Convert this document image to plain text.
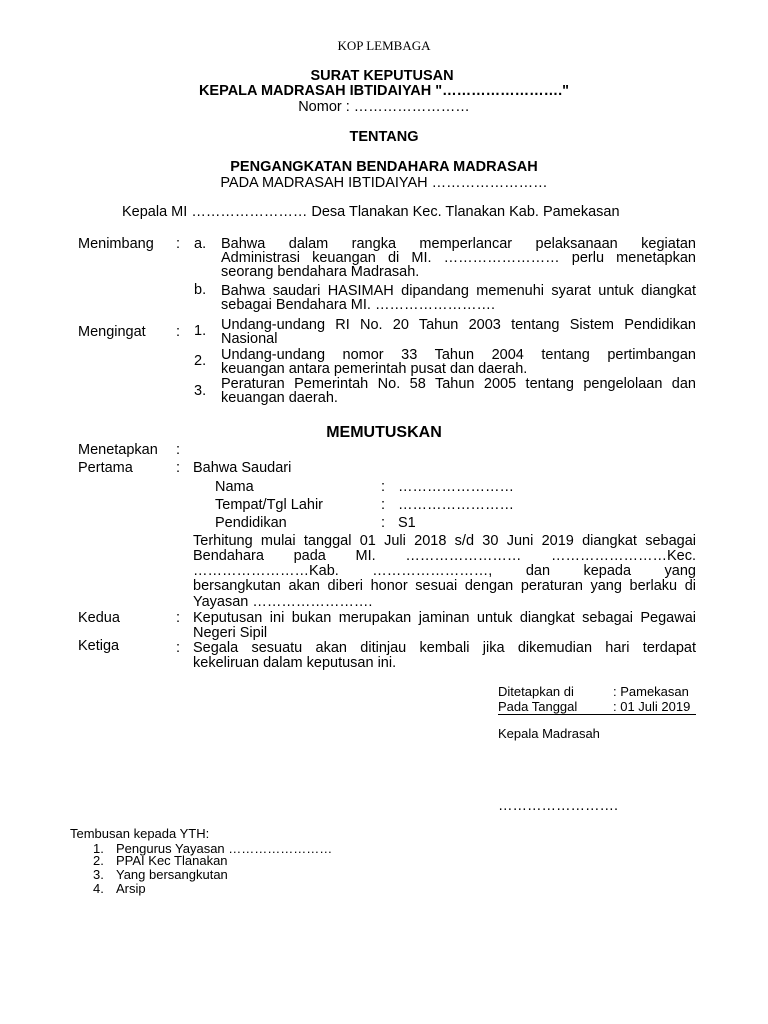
KOP LEMBAGA
SURAT KEPUTUSAN
KEPALA MADRASAH IBTIDAIYAH "……………………."
Nomor : ……………………
TENTANG
PENGANGKATAN BENDAHARA MADRASAH
PADA MADRASAH IBTIDAIYAH ……………………
Kepala MI …………………… Desa Tlanakan Kec. Tlanakan Kab. Pamekasan
Menimbang : a. Bahwa dalam rangka memperlancar pelaksanaan kegiatan
Administrasi keuangan di MI. …………………… perlu menetapkan
seorang bendahara Madrasah.
b. Bahwa saudari HASIMAH dipandang memenuhi syarat untuk diangkat
sebagai Bendahara MI. …………………….
Mengingat : 1. Undang-undang RI No. 20 Tahun 2003 tentang Sistem Pendidikan
Nasional
2. Undang-undang nomor 33 Tahun 2004 tentang pertimbangan
keuangan antara pemerintah pusat dan daerah.
3. Peraturan Pemerintah No. 58 Tahun 2005 tentang pengelolaan dan
keuangan daerah.
MEMUTUSKAN
Menetapkan :
Pertama	: Bahwa Saudari
Nama	: ……………………
Tempat/Tgl Lahir	: ……………………
Pendidikan	: S1
Terhitung mulai tanggal 01 Juli 2018 s/d 30 Juni 2019 diangkat sebagai
Bendahara pada MI. …………………… ……………………Kec.
……………………Kab. ……………………, dan kepada yang
bersangkutan akan diberi honor sesuai dengan peraturan yang berlaku di
Yayasan …………………….
Kedua	: Keputusan ini bukan merupakan jaminan untuk diangkat sebagai Pegawai
Negeri Sipil
Ketiga	: Segala sesuatu akan ditinjau kembali jika dikemudian hari terdapat
kekeliruan dalam keputusan ini.
Ditetapkan di	: Pamekasan
Pada Tanggal	: 01 Juli 2019
Kepala Madrasah
…………………….
Tembusan kepada YTH:
1. Pengurus Yayasan ……………………
2. PPAI Kec Tlanakan
3. Yang bersangkutan
4. Arsip
